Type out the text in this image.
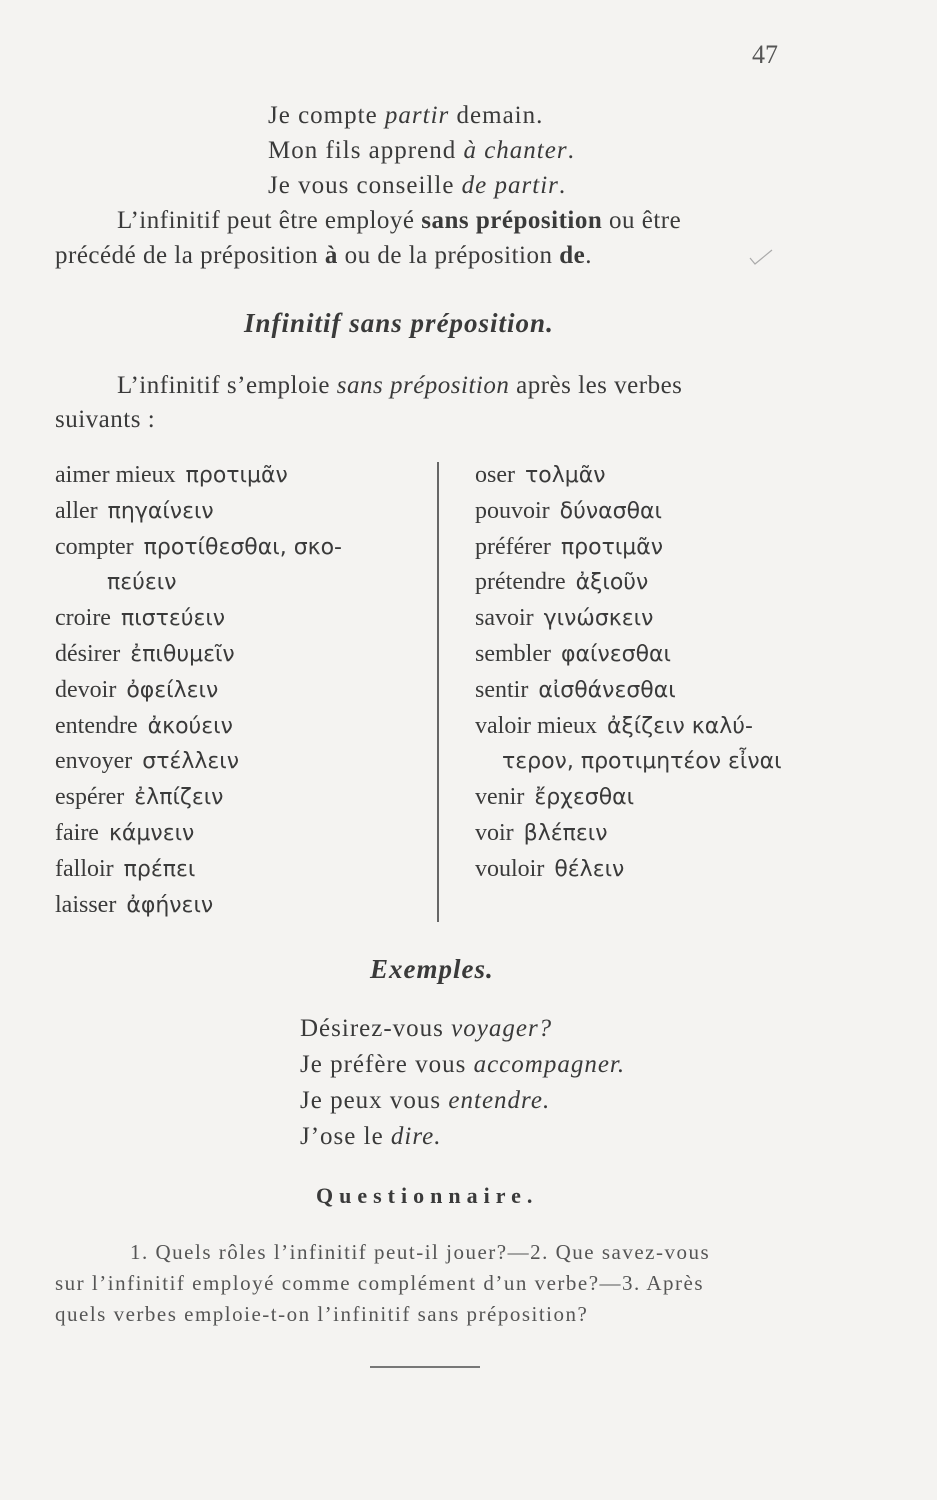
47
Je compte partir demain.
Mon fils apprend à chanter.
Je vous conseille de partir.
L’infinitif peut être employé sans préposition ou être
précédé de la préposition à ou de la préposition de.
Infinitif sans préposition.
L’infinitif s’emploie sans préposition après les verbes
suivants :
aimer mieux προτιμᾶν
aller πηγαίνειν
compter προτίθεσθαι, σκο-
πεύειν
croire πιστεύειν
désirer ἐπιθυμεῖν
devoir ὀφείλειν
entendre ἀκούειν
envoyer στέλλειν
espérer ἐλπίζειν
faire κάμνειν
falloir πρέπει
laisser ἀφήνειν
oser τολμᾶν
pouvoir δύνασθαι
préférer προτιμᾶν
prétendre ἀξιοῦν
savoir γινώσκειν
sembler φαίνεσθαι
sentir αἰσθάνεσθαι
valoir mieux ἀξίζειν καλύ-
τερον, προτιμητέον εἶναι
venir ἔρχεσθαι
voir βλέπειν
vouloir θέλειν
Exemples.
Désirez-vous voyager?
Je préfère vous accompagner.
Je peux vous entendre.
J’ose le dire.
Questionnaire.
1. Quels rôles l’infinitif peut-il jouer?—2. Que savez-vous
sur l’infinitif employé comme complément d’un verbe?—3. Après
quels verbes emploie-t-on l’infinitif sans préposition?
